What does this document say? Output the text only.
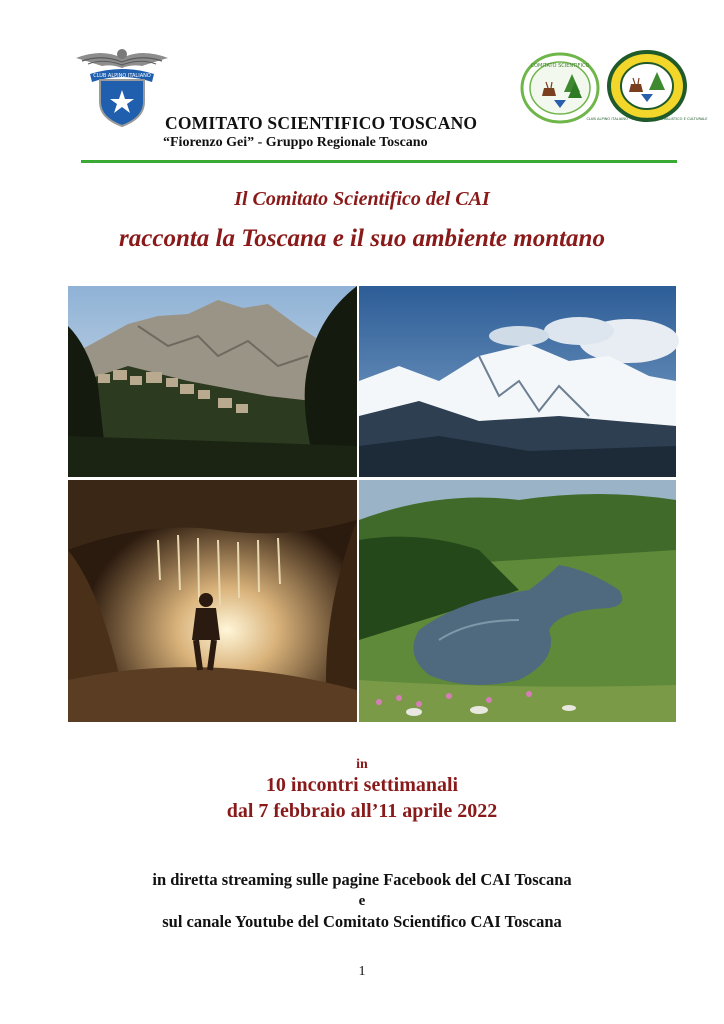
CLUB ALPINO ITALIANO
COMITATO SCIENTIFICO
CLUB ALPINO ITALIANO · OPERATORE NATURALISTICO E CULTURALE
COMITATO SCIENTIFICO TOSCANO
“Fiorenzo Gei” - Gruppo Regionale Toscano
Il Comitato Scientifico del CAI
racconta la Toscana e il suo ambiente montano
in
10 incontri settimanali
dal 7 febbraio all’11 aprile 2022
in diretta streaming sulle pagine Facebook del CAI Toscana
e
sul canale Youtube del Comitato Scientifico CAI Toscana
1
